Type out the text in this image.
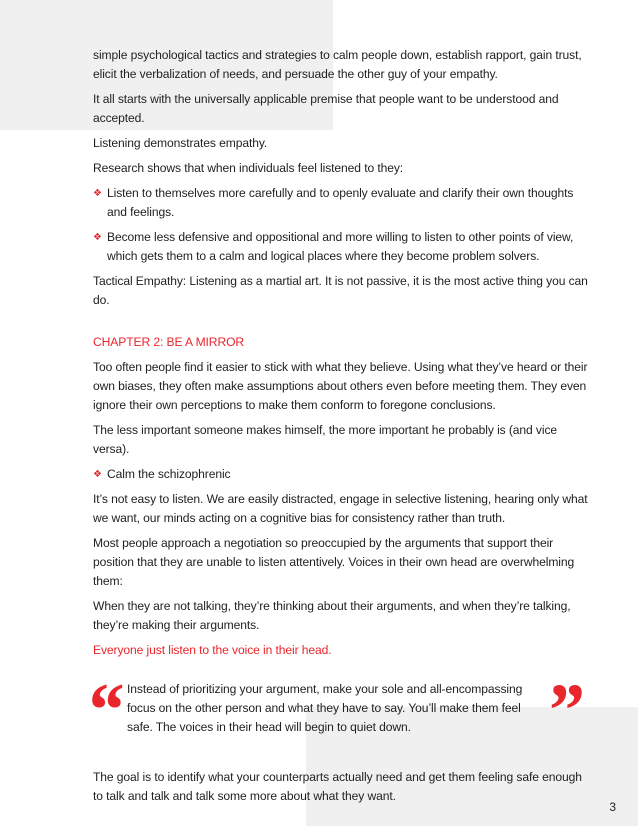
simple psychological tactics and strategies to calm people down, establish rapport, gain trust, elicit the verbalization of needs, and persuade the other guy of your empathy.

It all starts with the universally applicable premise that people want to be understood and accepted.

Listening demonstrates empathy.

Research shows that when individuals feel listened to they:

❖ Listen to themselves more carefully and to openly evaluate and clarify their own thoughts and feelings.
❖ Become less defensive and oppositional and more willing to listen to other points of view, which gets them to a calm and logical places where they become problem solvers.

Tactical Empathy: Listening as a martial art. It is not passive, it is the most active thing you can do.

CHAPTER 2: BE A MIRROR

Too often people find it easier to stick with what they believe. Using what they’ve heard or their own biases, they often make assumptions about others even before meeting them. They even ignore their own perceptions to make them conform to foregone conclusions.

The less important someone makes himself, the more important he probably is (and vice versa).

❖ Calm the schizophrenic

It’s not easy to listen. We are easily distracted, engage in selective listening, hearing only what we want, our minds acting on a cognitive bias for consistency rather than truth.

Most people approach a negotiation so preoccupied by the arguments that support their position that they are unable to listen attentively. Voices in their own head are overwhelming them:

When they are not talking, they’re thinking about their arguments, and when they’re talking, they’re making their arguments.

Everyone just listen to the voice in their head.

“ Instead of prioritizing your argument, make your sole and all-encompassing focus on the other person and what they have to say. You’ll make them feel safe. The voices in their head will begin to quiet down.	”

The goal is to identify what your counterparts actually need and get them feeling safe enough to talk and talk and talk some more about what they want.

3
